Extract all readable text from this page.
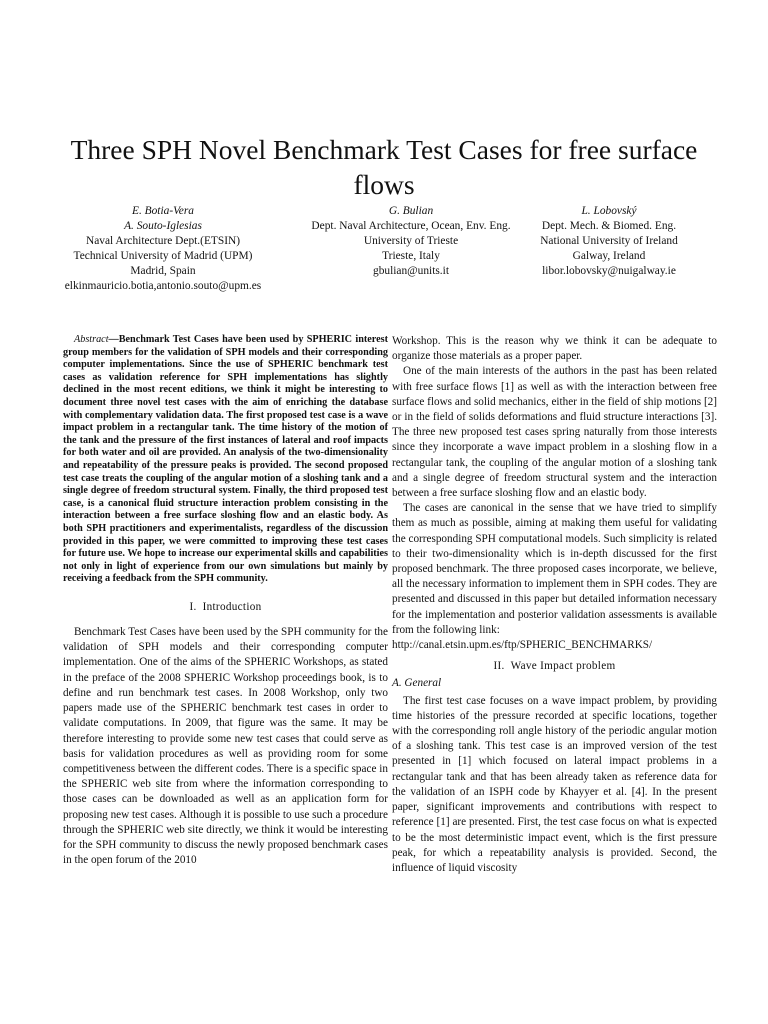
Three SPH Novel Benchmark Test Cases for free surface flows
E. Botia-Vera
A. Souto-Iglesias
Naval Architecture Dept.(ETSIN)
Technical University of Madrid (UPM)
Madrid, Spain
elkinmauricio.botia,antonio.souto@upm.es
G. Bulian
Dept. Naval Architecture, Ocean, Env. Eng.
University of Trieste
Trieste, Italy
gbulian@units.it
L. Lobovský
Dept. Mech. & Biomed. Eng.
National University of Ireland
Galway, Ireland
libor.lobovsky@nuigalway.ie

Abstract—Benchmark Test Cases have been used by SPHERIC interest group members for the validation of SPH models and their corresponding computer implementations. Since the use of SPHERIC benchmark test cases as validation reference for SPH implementations has slightly declined in the most recent editions, we think it might be interesting to document three novel test cases with the aim of enriching the database with complementary validation data. The first proposed test case is a wave impact problem in a rectangular tank. The time history of the motion of the tank and the pressure of the first instances of lateral and roof impacts for both water and oil are provided. An analysis of the two-dimensionality and repeatability of the pressure peaks is provided. The second proposed test case treats the coupling of the angular motion of a sloshing tank and a single degree of freedom structural system. Finally, the third proposed test case, is a canonical fluid structure interaction problem consisting in the interaction between a free surface sloshing flow and an elastic body. As both SPH practitioners and experimentalists, regardless of the discussion provided in this paper, we were committed to improving these test cases for future use. We hope to increase our experimental skills and capabilities not only in light of experience from our own simulations but mainly by receiving a feedback from the SPH community.

I. Introduction

Benchmark Test Cases have been used by the SPH community for the validation of SPH models and their corresponding computer implementation. One of the aims of the SPHERIC Workshops, as stated in the preface of the 2008 SPHERIC Workshop proceedings book, is to define and run benchmark test cases. In 2008 Workshop, only two papers made use of the SPHERIC benchmark test cases in order to validate computations. In 2009, that figure was the same. It may be therefore interesting to provide some new test cases that could serve as basis for validation procedures as well as providing room for some competitiveness between the different codes. There is a specific space in the SPHERIC web site from where the information corresponding to those cases can be downloaded as well as an application form for proposing new test cases. Although it is possible to use such a procedure through the SPHERIC web site directly, we think it would be interesting for the SPH community to discuss the newly proposed benchmark cases in the open forum of the 2010

Workshop. This is the reason why we think it can be adequate to organize those materials as a proper paper.

One of the main interests of the authors in the past has been related with free surface flows [1] as well as with the interaction between free surface flows and solid mechanics, either in the field of ship motions [2] or in the field of solids deformations and fluid structure interactions [3]. The three new proposed test cases spring naturally from those interests since they incorporate a wave impact problem in a sloshing flow in a rectangular tank, the coupling of the angular motion of a sloshing tank and a single degree of freedom structural system and the interaction between a free surface sloshing flow and an elastic body.

The cases are canonical in the sense that we have tried to simplify them as much as possible, aiming at making them useful for validating the corresponding SPH computational models. Such simplicity is related to their two-dimensionality which is in-depth discussed for the first proposed benchmark. The three proposed cases incorporate, we believe, all the necessary information to implement them in SPH codes. They are presented and discussed in this paper but detailed information necessary for the implementation and posterior validation assessments is available from the following link:

http://canal.etsin.upm.es/ftp/SPHERIC_BENCHMARKS/

II. Wave Impact problem
A. General

The first test case focuses on a wave impact problem, by providing time histories of the pressure recorded at specific locations, together with the corresponding roll angle history of the periodic angular motion of a sloshing tank. This test case is an improved version of the test presented in [1] which focused on lateral impact problems in a rectangular tank and that has been already taken as reference data for the validation of an ISPH code by Khayyer et al. [4]. In the present paper, significant improvements and contributions with respect to reference [1] are presented. First, the test case focus on what is expected to be the most deterministic impact event, which is the first pressure peak, for which a repeatability analysis is provided. Second, the influence of liquid viscosity
